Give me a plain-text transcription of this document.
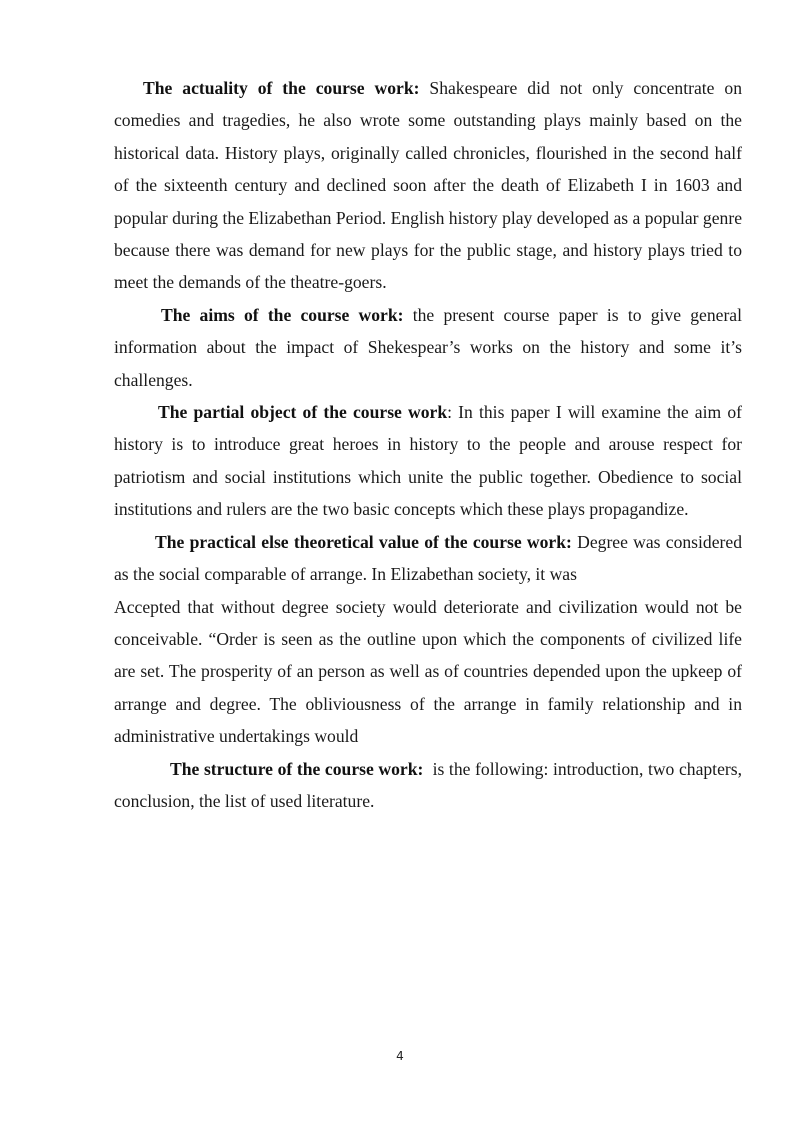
The actuality of the course work: Shakespeare did not only concentrate on comedies and tragedies, he also wrote some outstanding plays mainly based on the historical data. History plays, originally called chronicles, flourished in the second half of the sixteenth century and declined soon after the death of Elizabeth I in 1603 and popular during the Elizabethan Period. English history play developed as a popular genre because there was demand for new plays for the public stage, and history plays tried to meet the demands of the theatre-goers.

The aims of the course work: the present course paper is to give general information about the impact of Shekespear’s works on the history and some it’s challenges.

The partial object of the course work: In this paper I will examine the aim of history is to introduce great heroes in history to the people and arouse respect for patriotism and social institutions which unite the public together. Obedience to social institutions and rulers are the two basic concepts which these plays propagandize.

The practical else theoretical value of the course work: Degree was considered as the social comparable of arrange. In Elizabethan society, it was

Accepted that without degree society would deteriorate and civilization would not be conceivable. “Order is seen as the outline upon which the components of civilized life are set. The prosperity of an person as well as of countries depended upon the upkeep of arrange and degree. The obliviousness of the arrange in family relationship and in administrative undertakings would

The structure of the course work:  is the following: introduction, two chapters, conclusion, the list of used literature.

4
